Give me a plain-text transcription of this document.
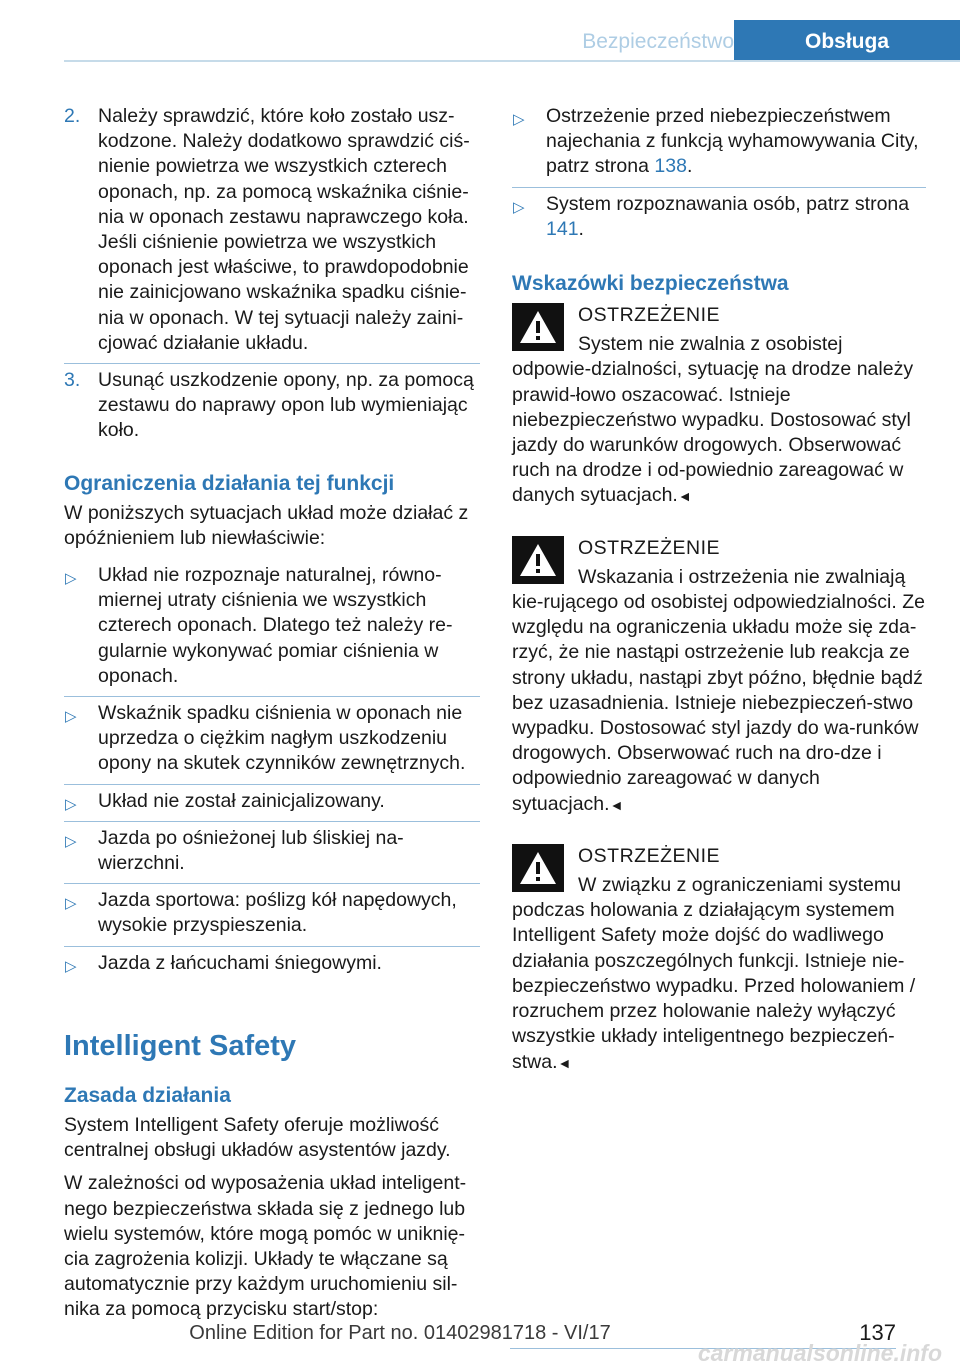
Bezpieczeństwo	Obsługa
2. Należy sprawdzić, które koło zostało usz-kodzone. Należy dodatkowo sprawdzić ciś-nienie powietrza we wszystkich czterech oponach, np. za pomocą wskaźnika ciśnie-nia w oponach zestawu naprawczego koła. Jeśli ciśnienie powietrza we wszystkich oponach jest właściwe, to prawdopodobnie nie zainicjowano wskaźnika spadku ciśnie-nia w oponach. W tej sytuacji należy zaini-cjować działanie układu.
3. Usunąć uszkodzenie opony, np. za pomocą zestawu do naprawy opon lub wymieniając koło.
Ograniczenia działania tej funkcji

W poniższych sytuacjach układ może działać z opóźnieniem lub niewłaściwie:

▷ Układ nie rozpoznaje naturalnej, równo-miernej utraty ciśnienia we wszystkich czterech oponach. Dlatego też należy re-gularnie wykonywać pomiar ciśnienia w oponach.
▷ Wskaźnik spadku ciśnienia w oponach nie uprzedza o ciężkim nagłym uszkodzeniu opony na skutek czynników zewnętrznych.
▷ Układ nie został zainicjalizowany.
▷ Jazda po ośnieżonej lub śliskiej na-wierzchni.
▷ Jazda sportowa: poślizg kół napędowych, wysokie przyspieszenia.
▷ Jazda z łańcuchami śniegowymi.
Intelligent Safety
Zasada działania

System Intelligent Safety oferuje możliwość centralnej obsługi układów asystentów jazdy.

W zależności od wyposażenia układ inteligent-nego bezpieczeństwa składa się z jednego lub wielu systemów, które mogą pomóc w uniknię-cia zagrożenia kolizji. Układy te włączane są automatycznie przy każdym uruchomieniu sil-nika za pomocą przycisku start/stop:

▷ Ostrzeżenie przed niebezpieczeństwem najechania z funkcją wyhamowywania City, patrz strona 138.
▷ System rozpoznawania osób, patrz strona 141.
Wskazówki bezpieczeństwa
OSTRZEŻENIE
System nie zwalnia z osobistej odpowie-dzialności, sytuację na drodze należy prawid-łowo oszacować. Istnieje niebezpieczeństwo wypadku. Dostosować styl jazdy do warunków drogowych. Obserwować ruch na drodze i od-powiednio zareagować w danych sytuacjach.◄
OSTRZEŻENIE
Wskazania i ostrzeżenia nie zwalniają kie-rującego od osobistej odpowiedzialności. Ze względu na ograniczenia układu może się zda-rzyć, że nie nastąpi ostrzeżenie lub reakcja ze strony układu, nastąpi zbyt późno, błędnie bądź bez uzasadnienia. Istnieje niebezpieczeń-stwo wypadku. Dostosować styl jazdy do wa-runków drogowych. Obserwować ruch na dro-dze i odpowiednio zareagować w danych sytuacjach.◄
OSTRZEŻENIE
W związku z ograniczeniami systemu podczas holowania z działającym systemem Intelligent Safety może dojść do wadliwego działania poszczególnych funkcji. Istnieje nie-bezpieczeństwo wypadku. Przed holowaniem / rozruchem przez holowanie należy wyłączyć wszystkie układy inteligentnego bezpieczeń-stwa.◄
137
Online Edition for Part no. 01402981718 - VI/17
carmanualsonline.info
